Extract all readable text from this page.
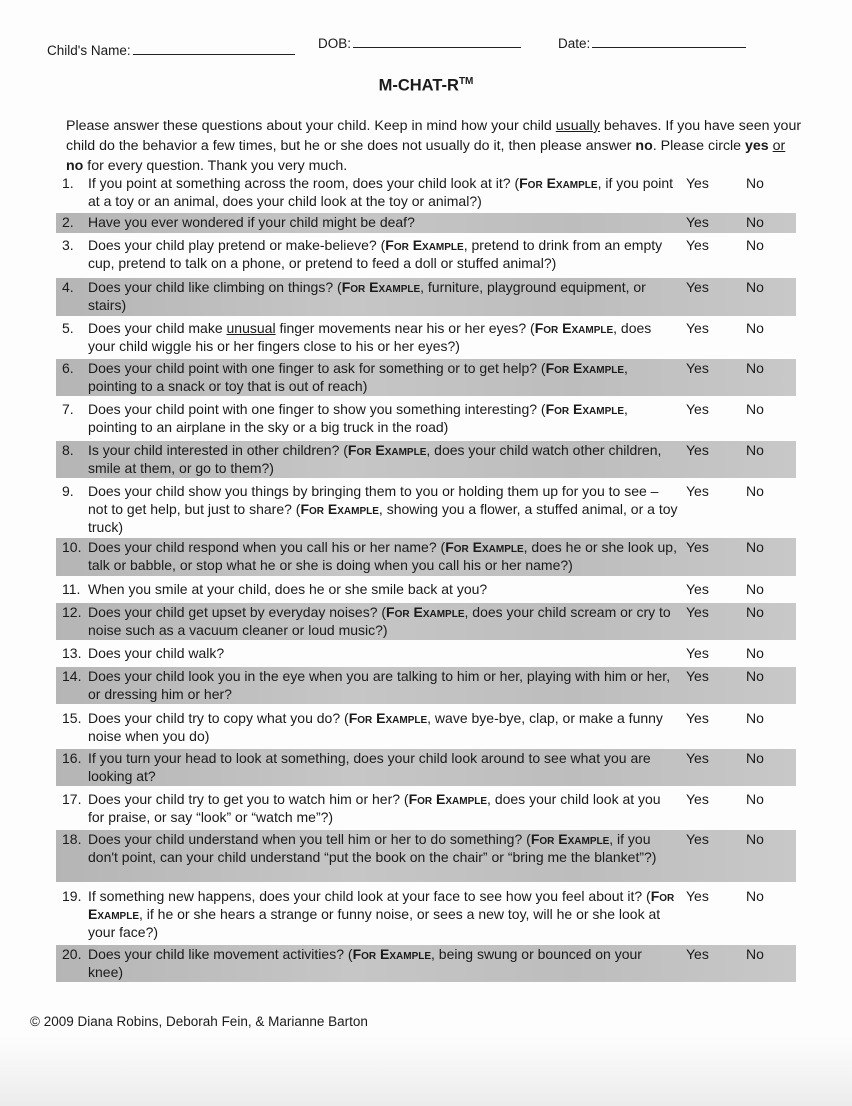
Child's Name:	DOB:	Date:
M-CHAT-R™
Please answer these questions about your child. Keep in mind how your child usually behaves. If you have seen your child do the behavior a few times, but he or she does not usually do it, then please answer no. Please circle yes or no for every question. Thank you very much.
1. If you point at something across the room, does your child look at it? (For Example, if you point at a toy or an animal, does your child look at the toy or animal?)
Yes	No
2. Have you ever wondered if your child might be deaf?	Yes	No
3. Does your child play pretend or make-believe? (For Example, pretend to drink from an empty cup, pretend to talk on a phone, or pretend to feed a doll or stuffed animal?)
Yes	No
4. Does your child like climbing on things? (For Example, furniture, playground equipment, or stairs)
Yes	No
5. Does your child make unusual finger movements near his or her eyes? (For Example, does your child wiggle his or her fingers close to his or her eyes?)
Yes	No
6. Does your child point with one finger to ask for something or to get help? (For Example, pointing to a snack or toy that is out of reach)
Yes	No
7. Does your child point with one finger to show you something interesting? (For Example, pointing to an airplane in the sky or a big truck in the road)
Yes	No
8. Is your child interested in other children? (For Example, does your child watch other children, smile at them, or go to them?)
Yes	No
9. Does your child show you things by bringing them to you or holding them up for you to see – not to get help, but just to share? (For Example, showing you a flower, a stuffed animal, or a toy truck)
Yes	No
10. Does your child respond when you call his or her name? (For Example, does he or she look up, talk or babble, or stop what he or she is doing when you call his or her name?)
Yes	No
11. When you smile at your child, does he or she smile back at you?	Yes	No
12. Does your child get upset by everyday noises? (For Example, does your child scream or cry to noise such as a vacuum cleaner or loud music?)
Yes	No
13. Does your child walk?	Yes	No
14. Does your child look you in the eye when you are talking to him or her, playing with him or her, or dressing him or her?
Yes	No
15. Does your child try to copy what you do? (For Example, wave bye-bye, clap, or make a funny noise when you do)
Yes	No
16. If you turn your head to look at something, does your child look around to see what you are looking at?
Yes	No
17. Does your child try to get you to watch him or her? (For Example, does your child look at you for praise, or say “look” or “watch me”?)
Yes	No
18. Does your child understand when you tell him or her to do something? (For Example, if you don't point, can your child understand “put the book on the chair” or “bring me the blanket”?)
Yes	No
19. If something new happens, does your child look at your face to see how you feel about it? (For Example, if he or she hears a strange or funny noise, or sees a new toy, will he or she look at your face?)
Yes	No
20. Does your child like movement activities? (For Example, being swung or bounced on your knee)
Yes	No
© 2009 Diana Robins, Deborah Fein, & Marianne Barton
